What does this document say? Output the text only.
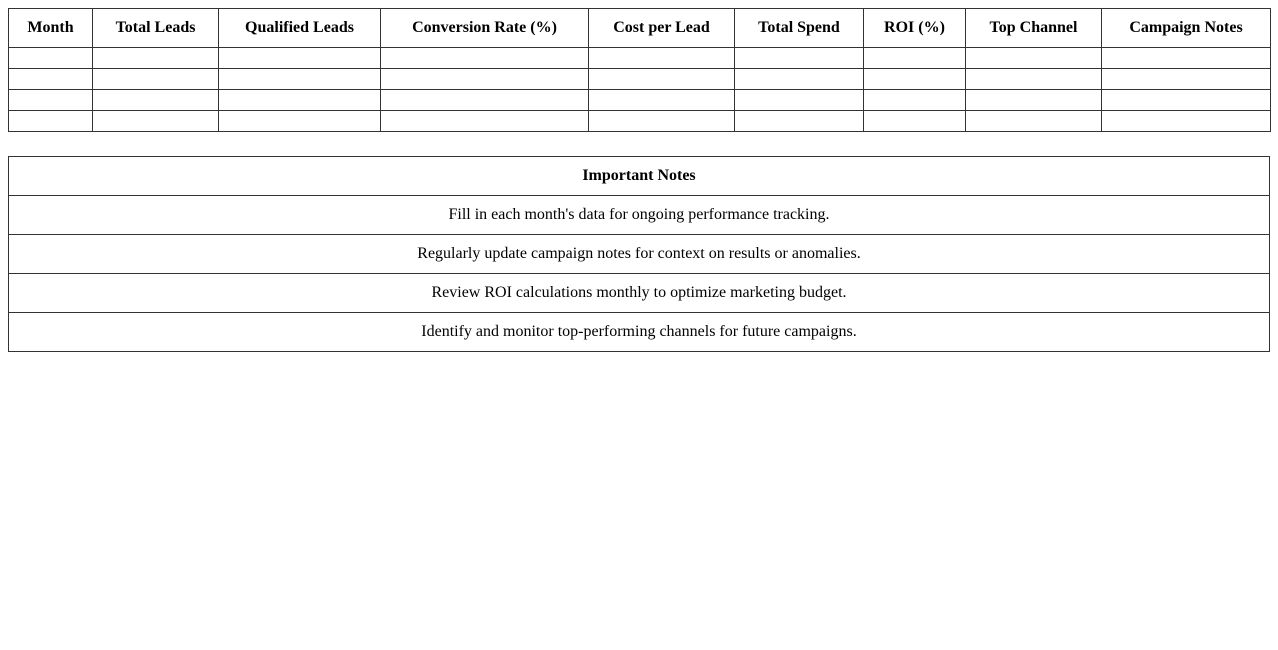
Month	Total Leads	Qualified Leads	Conversion Rate (%)	Cost per Lead	Total Spend	ROI (%)	Top Channel	Campaign Notes

Important Notes
Fill in each month's data for ongoing performance tracking.
Regularly update campaign notes for context on results or anomalies.
Review ROI calculations monthly to optimize marketing budget.
Identify and monitor top-performing channels for future campaigns.
